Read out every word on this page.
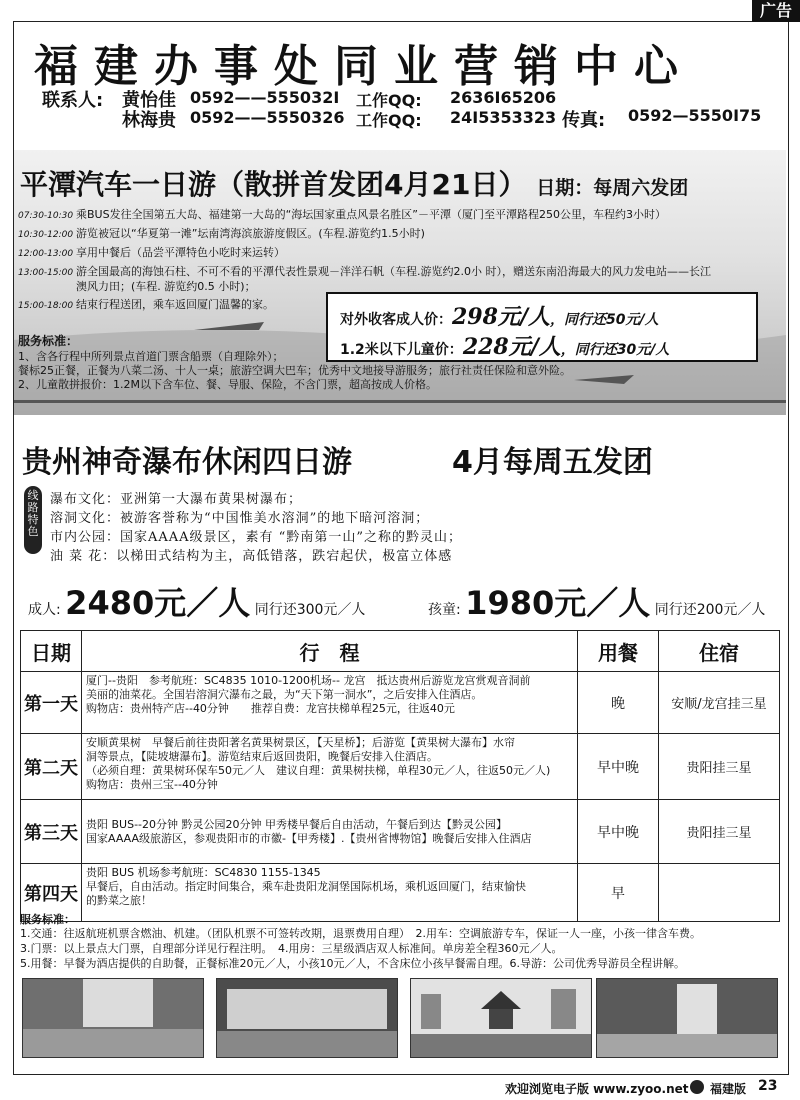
广告
福建办事处同业营销中心
联系人: 黄怡佳 0592——555032I 工作QQ: 2636I65206
林海贵 0592——5550326 工作QQ: 24I5353323 传真: 0592—5550I75
平潭汽车一日游（散拼首发团4月21日） 日期：每周六发团
07:30-10:30 乘BUS发往全国第五大岛、福建第一大岛的“海坛国家重点风景名胜区”－平潭（厦门至平潭路程250公里，车程约3小时）
10:30-12:00 游览被冠以“华夏第一滩”坛南湾海滨旅游度假区。(车程.游览约1.5小时)
12:00-13:00 享用中餐后（品尝平潭特色小吃时来运转）
13:00-15:00 游全国最高的海蚀石柱、不可不看的平潭代表性景观－泮洋石帆（车程.游览约2.0小 时），赠送东南沿海最大的风力发电站——长江
澳风力田；(车程. 游览约0.5 小时)；
15:00-18:00 结束行程送团，乘车返回厦门温馨的家。
对外收客成人价：298元/人，同行还50元/人
1.2米以下儿童价：228元/人，同行还30元/人
服务标准：
1、含各行程中所列景点首道门票含船票（自理除外）；
餐标25正餐，正餐为八菜二汤、十人一桌；旅游空调大巴车；优秀中文地接导游服务；旅行社责任保险和意外险。
2、儿童散拼报价：1.2M以下含车位、餐、导服、保险，不含门票，超高按成人价格。
贵州神奇瀑布休闲四日游	4月每周五发团
线路特色
瀑布文化：亚洲第一大瀑布黄果树瀑布；
溶洞文化：被游客誉称为“中国惟美水溶洞”的地下暗河溶洞；
市内公园：国家AAAA级景区，素有 “黔南第一山”之称的黔灵山；
油 菜 花：以梯田式结构为主，高低错落，跌宕起伏，极富立体感
成人: 2480元／人 同行还300元／人	孩童: 1980元／人 同行还200元／人
日期	行　程	用餐	住宿
第一天	厦门--贵阳　参考航班：SC4835 1010-1200机场-- 龙宫　抵达贵州后游览龙宫赏观音洞前
美丽的油菜花。全国岩溶洞穴瀑布之最，为“天下第一洞水”，之后安排入住酒店。
购物店：贵州特产店--40分钟　　推荐自费：龙宫扶梯单程25元，往返40元	晚	安顺/龙宫挂三星
第二天	安顺黄果树　早餐后前往贵阳著名黄果树景区，【天星桥】；后游览【黄果树大瀑布】水帘
洞等景点，【陡坡塘瀑布】。游览结束后返回贵阳，晚餐后安排入住酒店。
（必须自理：黄果树环保车50元／人　建议自理：黄果树扶梯，单程30元／人，往返50元／人)
购物店：贵州三宝--40分钟	早中晚	贵阳挂三星
第三天	贵阳 BUS--20分钟 黔灵公园20分钟 甲秀楼早餐后自由活动，午餐后到达【黔灵公园】
国家AAAA级旅游区，参观贵阳市的市徽-【甲秀楼】.【贵州省博物馆】晚餐后安排入住酒店	早中晚	贵阳挂三星
第四天	贵阳 BUS 机场参考航班：SC4830 1155-1345
早餐后，自由活动。指定时间集合，乘车赴贵阳龙洞堡国际机场，乘机返回厦门，结束愉快
的黔菜之旅！	早	
服务标准：
1.交通：往返航班机票含燃油、机建。（团队机票不可签转改期，退票费用自理）　2.用车：空调旅游专车，保证一人一座，小孩一律含车费。
3.门票：以上景点大门票，自理部分详见行程注明。　4.用房：三星级酒店双人标准间。单房差全程360元／人。
5.用餐：早餐为酒店提供的自助餐，正餐标准20元／人，小孩10元／人，不含床位小孩早餐需自理。6.导游：公司优秀导游员全程讲解。
欢迎浏览电子版 www.zyoo.net 福建版 23
